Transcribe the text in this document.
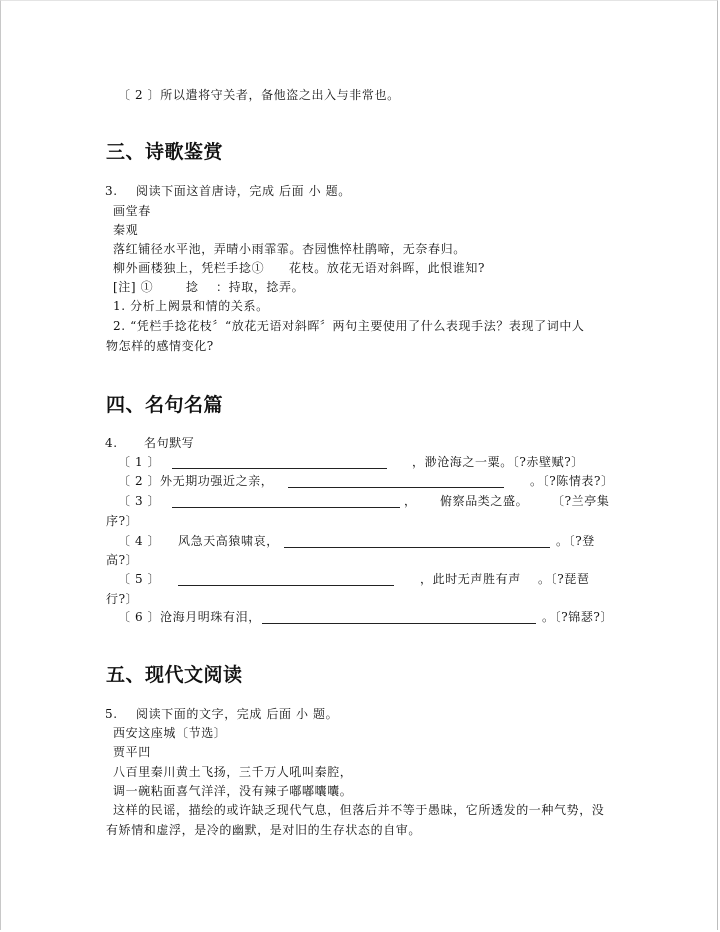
〔 2 〕所以遣将守关者，备他盗之出入与非常也。
三、诗歌鉴赏
3. 阅读下面这首唐诗，完成 后面 小 题。
画堂春
秦观
落红铺径水平池，弄晴小雨霏霏。杏园憔悴杜鹃啼，无奈春归。
柳外画楼独上，凭栏手捻① 花枝。放花无语对斜晖，此恨谁知?
[注] ①	捻 ：持取，捻弄。
1. 分析上阙景和情的关系。
2. “凭栏手捻花枝〞“放花无语对斜晖〞两句主要使用了什么表现手法？表现了词中人
物怎样的感情变化?
四、名句名篇
4. 名句默写
〔 1 〕	，渺沧海之一粟。〔?赤壁赋?〕
〔 2 〕 外无期功强近之亲，	。〔?陈情表?〕
〔 3 〕	， 俯察品类之盛。 〔?兰亭集
序?〕
〔 4 〕 风急天高猿啸哀，	。〔?登
高?〕
〔 5 〕	，此时无声胜有声 。〔?琵琶
行?〕
〔 6 〕 沧海月明珠有泪，	。〔?锦瑟?〕
五、现代文阅读
5. 阅读下面的文字，完成 后面 小 题。
西安这座城〔节选〕
贾平凹
八百里秦川黄土飞扬，三千万人吼叫秦腔，
调一碗粘面喜气洋洋，没有辣子嘟嘟囔囔。
这样的民谣，描绘的或许缺乏现代气息，但落后并不等于愚昧，它所透发的一种气势，没
有矫情和虚浮，是冷的幽默，是对旧的生存状态的自审。
